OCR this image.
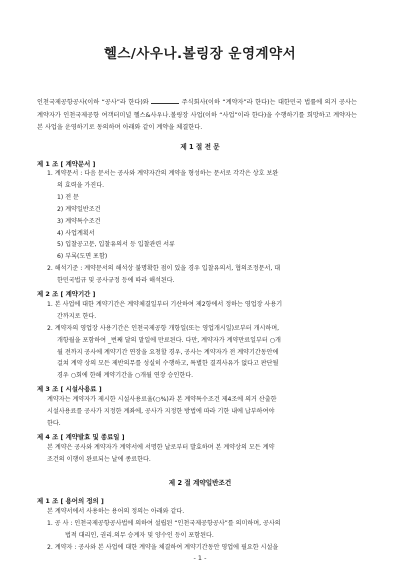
헬스/사우나.볼링장 운영계약서
인천국제공항공사(이하 “공사”라 한다)와	주식회사(이하 “계약자”라 한다)는 대한민국 법률에 의거 공사는 계약자가 인천국제공항 여객터미널 헬스&사우나.볼링장 사업(이하 “사업”이라 한다)을 수행하기를 희망하고 계약자는 본 사업을 운영하기로 동의하며 아래와 같이 계약을 체결한다.
제 1 절 전 문
제 1 조 [ 계약문서 ]
1. 계약문서 : 다음 문서는 공사와 계약자간의 계약을 형성하는 문서로 각각은 상호 보완
의 효력을 가진다.
1) 전 문
2) 계약일반조건
3) 계약특수조건
4) 사업계획서
5) 입찰공고문, 입찰유의서 등 입찰관련 서류
6) 부록(도면 포함)
2. 해석기준 : 계약문서의 해석상 불명확한 점이 있을 경우 입찰유의서, 협의조정문서, 대
한민국법규 및 공사규정 등에 따라 해석된다.
제 2 조 [ 계약기간 ]
1. 본 사업에 대한 계약기간은 계약체결일부터 기산하여 제2항에서 정하는 영업장 사용기
간까지로 한다.
2. 계약자의 영업장 사용기간은 인천국제공항 개항일(또는 영업개시일)로부터 개시하며,
개항월을 포함하여 _번째 달의 말일에 만료된다. 다만, 계약자가 계약만료일부터 ○개
월 전까지 공사에 계약기간 연장을 요청할 경우, 공사는 계약자가 전 계약기간동안에
걸쳐 계약 상의 모든 제반의무를 성실히 수행하고, 특별한 결격사유가 없다고 판단될
경우 ○회에 한해 계약기간을 ○개월 연장 승인한다.
제 3 조 [ 시설사용료 ]
계약자는 계약자가 제시한 시설사용료율(○%)과 본 계약특수조건 제4조에 의거 산출한
시설사용료를 공사가 지정한 계좌에, 공사가 지정한 방법에 따라 기한 내에 납부하여야
한다.
제 4 조 [ 계약발효 및 종료일 ]
본 계약은 공사와 계약자가 계약서에 서명한 날로부터 발효하며 본 계약상의 모든 계약
조건의 이행이 완료되는 날에 종료한다.
제 2 절 계약일반조건
제 1 조 [ 용어의 정의 ]
본 계약서에서 사용하는 용어의 정의는 아래와 같다.
1. 공 사 : 인천국제공항공사법에 의하여 설립된 “인천국제공항공사”를 의미하며, 공사의
법적 대리인, 권리.의무 승계자 및 양수인 등이 포함된다.
2. 계약자 : 공사와 본 사업에 대한 계약을 체결하여 계약기간동안 영업에 필요한 시설을
- 1 -
